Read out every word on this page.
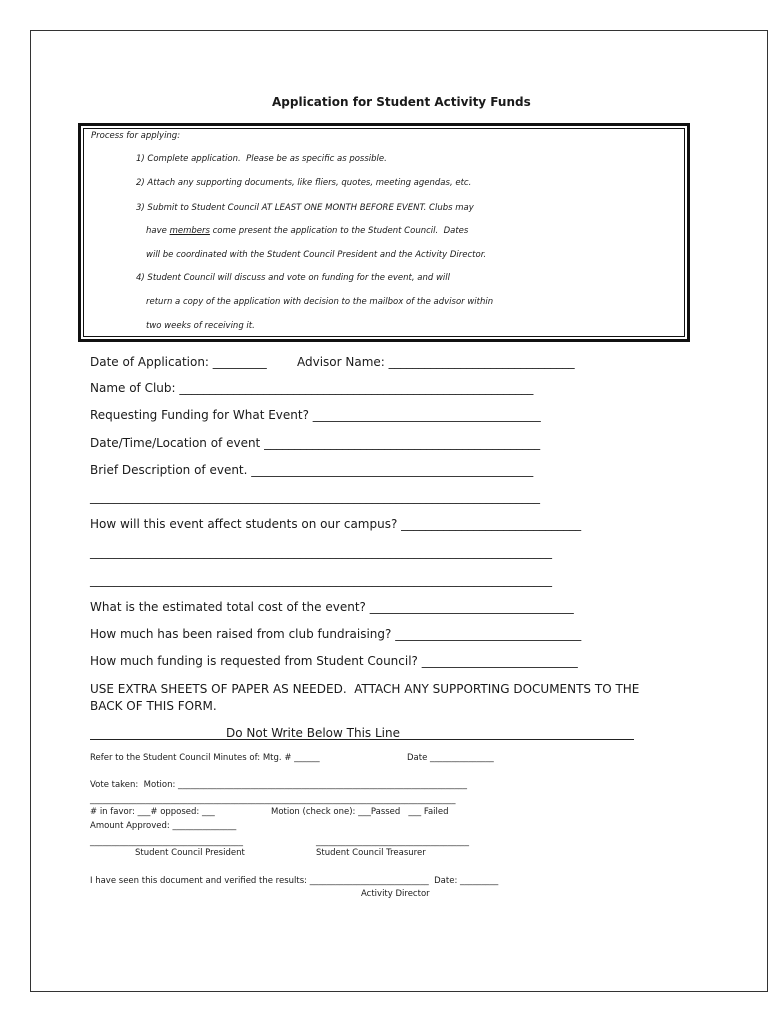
Application for Student Activity Funds
Process for applying:
1) Complete application.  Please be as specific as possible.
2) Attach any supporting documents, like fliers, quotes, meeting agendas, etc.
3) Submit to Student Council AT LEAST ONE MONTH BEFORE EVENT. Clubs may
have members come present the application to the Student Council.  Dates
will be coordinated with the Student Council President and the Activity Director.
4) Student Council will discuss and vote on funding for the event, and will
return a copy of the application with decision to the mailbox of the advisor within
two weeks of receiving it.
Date of Application: _________	Advisor Name: _______________________________
Name of Club: ___________________________________________________________
Requesting Funding for What Event? ______________________________________
Date/Time/Location of event ______________________________________________
Brief Description of event. _______________________________________________
___________________________________________________________________________
How will this event affect students on our campus? ______________________________
_____________________________________________________________________________
_____________________________________________________________________________
What is the estimated total cost of the event? __________________________________
How much has been raised from club fundraising? _______________________________
How much funding is requested from Student Council? __________________________
USE EXTRA SHEETS OF PAPER AS NEEDED.  ATTACH ANY SUPPORTING DOCUMENTS TO THE
BACK OF THIS FORM.
Do Not Write Below This Line
Refer to the Student Council Minutes of: Mtg. # ______	Date _______________
Vote taken:  Motion: ____________________________________________________________________
______________________________________________________________________________________
# in favor: ___# opposed: ___	Motion (check one): ___Passed   ___ Failed
Amount Approved: _______________
____________________________________	____________________________________
Student Council President	Student Council Treasurer
I have seen this document and verified the results: ____________________________  Date: _________
Activity Director
